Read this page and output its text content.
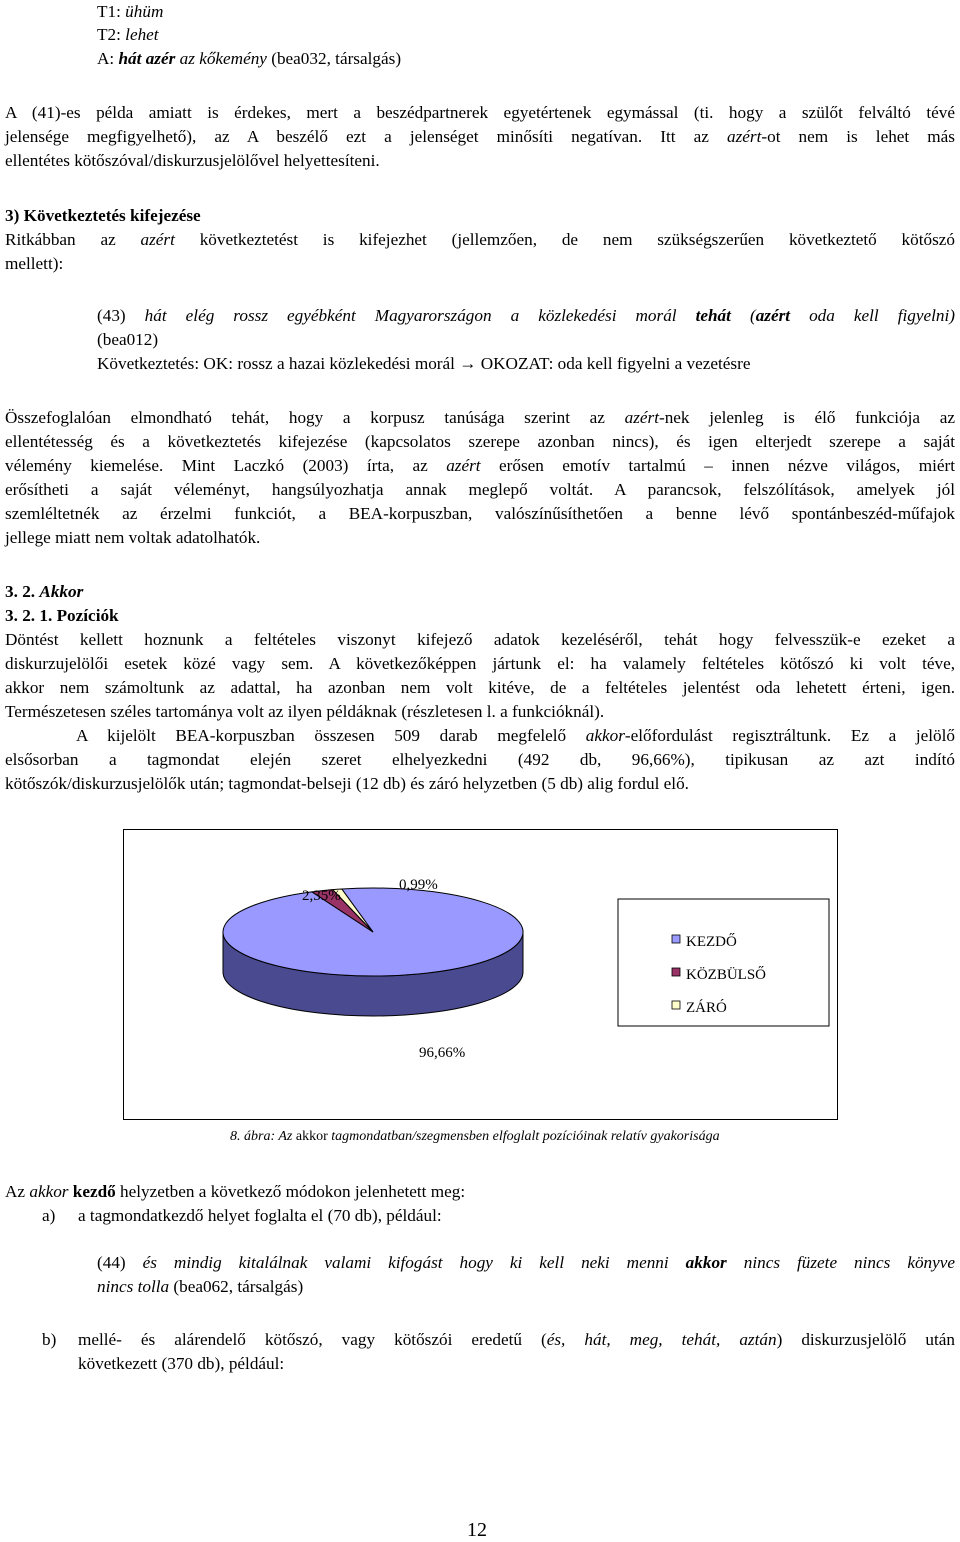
T1: ühüm
T2: lehet
A: hát azér az kőkemény (bea032, társalgás)
A (41)-es példa amiatt is érdekes, mert a beszédpartnerek egyetértenek egymással (ti. hogy a szülőt felváltó tévé
jelensége megfigyelhető), az A beszélő ezt a jelenséget minősíti negatívan. Itt az azért-ot nem is lehet más
ellentétes kötőszóval/diskurzusjelölővel helyettesíteni.
3) Következtetés kifejezése
Ritkábban az azért következtetést is kifejezhet (jellemzően, de nem szükségszerűen következtető kötőszó
mellett):
(43) hát elég rossz egyébként Magyarországon a közlekedési morál tehát (azért oda kell figyelni)
(bea012)
Következtetés: OK: rossz a hazai közlekedési morál → OKOZAT: oda kell figyelni a vezetésre
Összefoglalóan elmondható tehát, hogy a korpusz tanúsága szerint az azért-nek jelenleg is élő funkciója az
ellentétesség és a következtetés kifejezése (kapcsolatos szerepe azonban nincs), és igen elterjedt szerepe a saját
vélemény kiemelése. Mint Laczkó (2003) írta, az azért erősen emotív tartalmú – innen nézve világos, miért
erősítheti a saját véleményt, hangsúlyozhatja annak meglepő voltát. A parancsok, felszólítások, amelyek jól
szemléltetnék az érzelmi funkciót, a BEA-korpuszban, valószínűsíthetően a benne lévő spontánbeszéd-műfajok
jellege miatt nem voltak adatolhatók.
3. 2. Akkor
3. 2. 1. Pozíciók
Döntést kellett hoznunk a feltételes viszonyt kifejező adatok kezeléséről, tehát hogy felvesszük-e ezeket a
diskurzujelölői esetek közé vagy sem. A következőképpen jártunk el: ha valamely feltételes kötőszó ki volt téve,
akkor nem számoltunk az adattal, ha azonban nem volt kitéve, de a feltételes jelentést oda lehetett érteni, igen.
Természetesen széles tartománya volt az ilyen példáknak (részletesen l. a funkcióknál).
A kijelölt BEA-korpuszban összesen 509 darab megfelelő akkor-előfordulást regisztráltunk. Ez a jelölő
elsősorban a tagmondat elején szeret elhelyezkedni (492 db, 96,66%), tipikusan az azt indító
kötőszók/diskurzusjelölők után; tagmondat-belseji (12 db) és záró helyzetben (5 db) alig fordul elő.
96,66%
2,35%
0,99%
KEZDŐ
KÖZBÜLSŐ
ZÁRÓ
8. ábra: Az akkor tagmondatban/szegmensben elfoglalt pozícióinak relatív gyakorisága
Az akkor kezdő helyzetben a következő módokon jelenhetett meg:
a) a tagmondatkezdő helyet foglalta el (70 db), például:
(44) és mindig kitalálnak valami kifogást hogy ki kell neki menni akkor nincs füzete nincs könyve
nincs tolla (bea062, társalgás)
b) mellé- és alárendelő kötőszó, vagy kötőszói eredetű (és, hát, meg, tehát, aztán) diskurzusjelölő után
következett (370 db), például:
12
